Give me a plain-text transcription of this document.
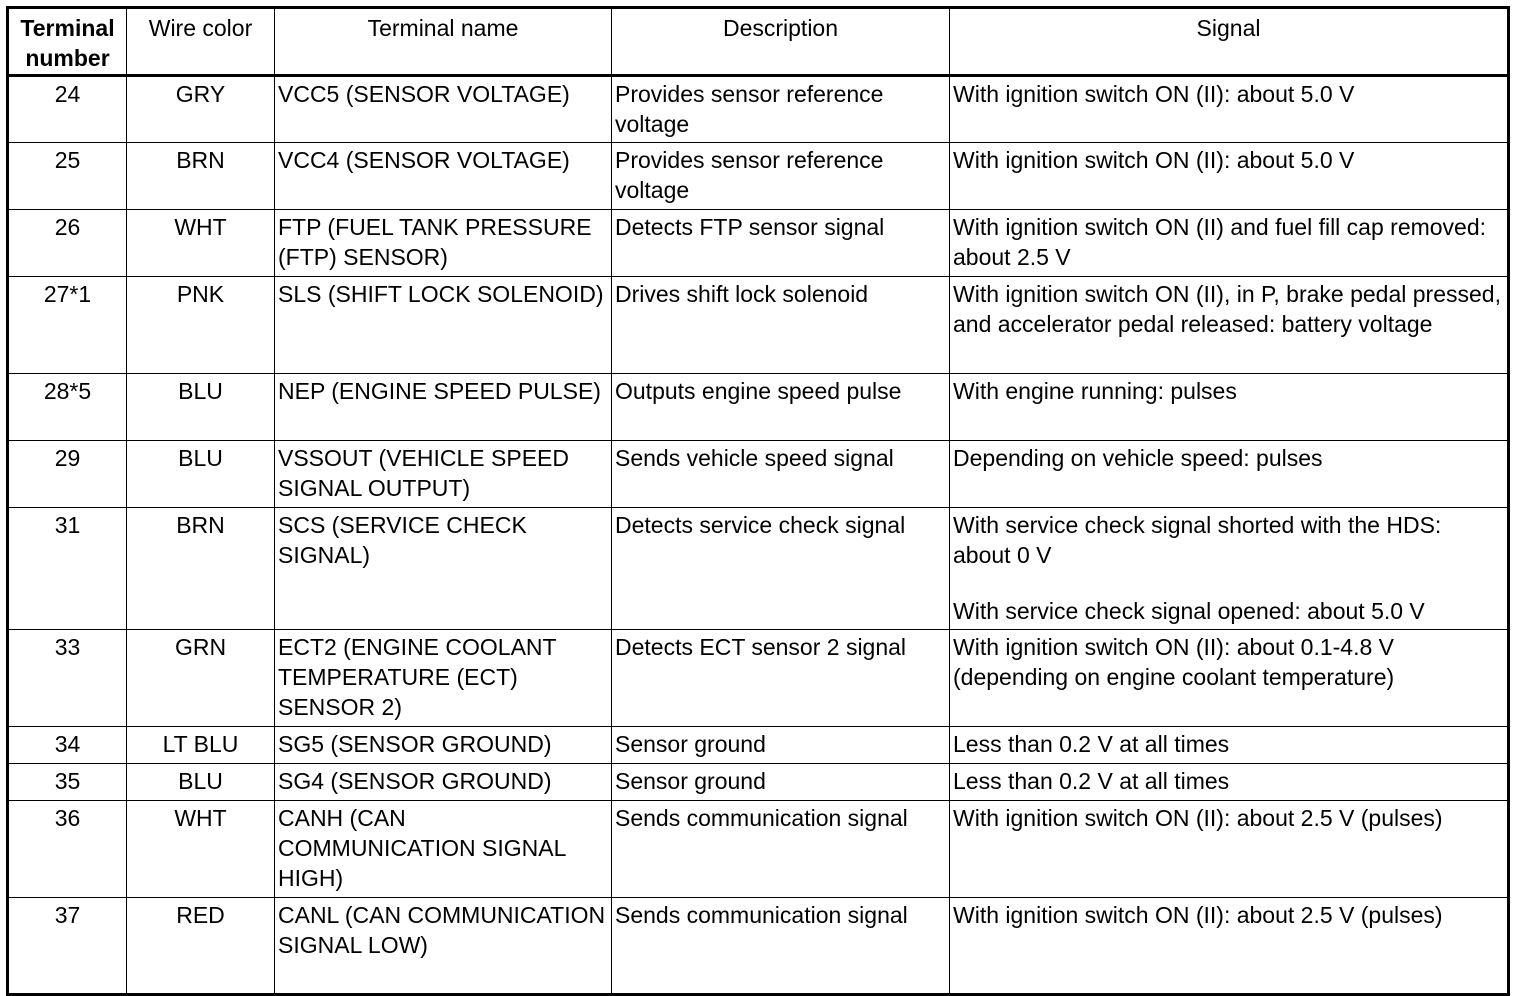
Terminal number	Wire color	Terminal name	Description	Signal
24	GRY	VCC5 (SENSOR VOLTAGE)	Provides sensor reference voltage	With ignition switch ON (II): about 5.0 V

25	BRN	VCC4 (SENSOR VOLTAGE)	Provides sensor reference voltage	With ignition switch ON (II): about 5.0 V

26	WHT	FTP (FUEL TANK PRESSURE (FTP) SENSOR)	Detects FTP sensor signal	With ignition switch ON (II) and fuel fill cap removed: about 2.5 V

27*1	PNK	SLS (SHIFT LOCK SOLENOID)	Drives shift lock solenoid	With ignition switch ON (II), in P, brake pedal pressed, and accelerator pedal released: battery voltage

28*5	BLU	NEP (ENGINE SPEED PULSE)	Outputs engine speed pulse	With engine running: pulses

29	BLU	VSSOUT (VEHICLE SPEED SIGNAL OUTPUT)	Sends vehicle speed signal	Depending on vehicle speed: pulses

31	BRN	SCS (SERVICE CHECK SIGNAL)	Detects service check signal	With service check signal shorted with the HDS: about 0 V
With service check signal opened: about 5.0 V

33	GRN	ECT2 (ENGINE COOLANT TEMPERATURE (ECT) SENSOR 2)	Detects ECT sensor 2 signal	With ignition switch ON (II): about 0.1-4.8 V (depending on engine coolant temperature)

34	LT BLU	SG5 (SENSOR GROUND)	Sensor ground	Less than 0.2 V at all times

35	BLU	SG4 (SENSOR GROUND)	Sensor ground	Less than 0.2 V at all times

36	WHT	CANH (CAN COMMUNICATION SIGNAL HIGH)	Sends communication signal	With ignition switch ON (II): about 2.5 V (pulses)

37	RED	CANL (CAN COMMUNICATION SIGNAL LOW)	Sends communication signal	With ignition switch ON (II): about 2.5 V (pulses)
